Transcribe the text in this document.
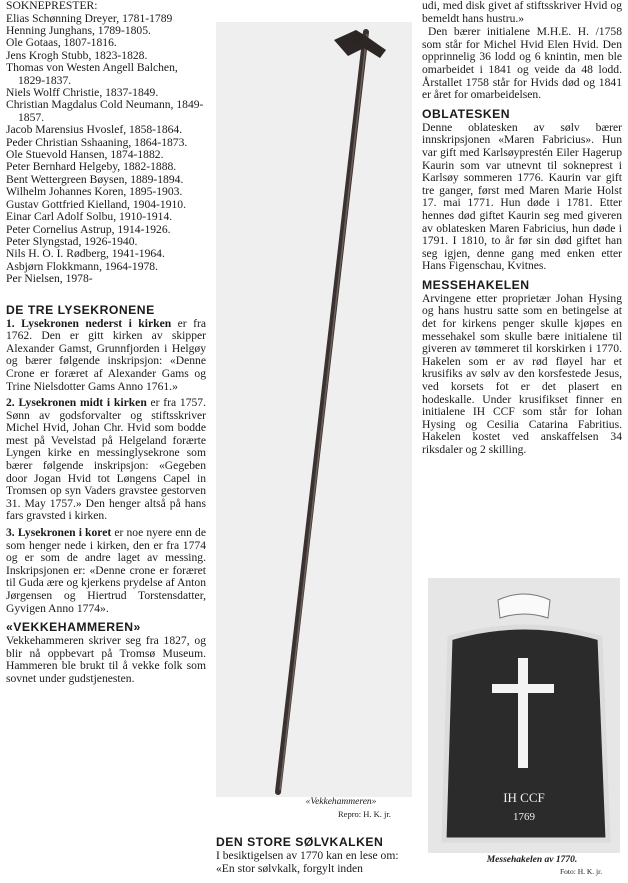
SOKNEPRESTER:

Elias Schønning Dreyer, 1781-1789

Henning Junghans, 1789-1805.

Ole Gotaas, 1807-1816.

Jens Krogh Stubb, 1823-1828.

Thomas von Westen Angell Balchen, 1829-1837.

Niels Wolff Christie, 1837-1849.

Christian Magdalus Cold Neumann, 1849-1857.

Jacob Marensius Hvoslef, 1858-1864.

Peder Christian Sshaaning, 1864-1873.

Ole Stuevold Hansen, 1874-1882.

Peter Bernhard Helgeby, 1882-1888.

Bent Wettergreen Bøysen, 1889-1894.

Wilhelm Johannes Koren, 1895-1903.

Gustav Gottfried Kielland, 1904-1910.

Einar Carl Adolf Solbu, 1910-1914.

Peter Cornelius Astrup, 1914-1926.

Peter Slyngstad, 1926-1940.

Nils H. O. I. Rødberg, 1941-1964.

Asbjørn Flokkmann, 1964-1978.

Per Nielsen, 1978-

DE TRE LYSEKRONENE

1. Lysekronen nederst i kirken er fra 1762. Den er gitt kirken av skipper Alexander Gamst, Grunnfjorden i Helgøy og bærer følgende inskripsjon: «Denne Crone er foræret af Alexander Gams og Trine Nielsdotter Gams Anno 1761.»

2. Lysekronen midt i kirken er fra 1757. Sønn av godsforvalter og stiftsskriver Michel Hvid, Johan Chr. Hvid som bodde mest på Vevelstad på Helgeland forærte Lyngen kirke en messinglysekrone som bærer følgende inskripsjon: «Gegeben door Jogan Hvid tot Løngens Capel in Tromsen op syn Vaders gravstee gestorven 31. May 1757.» Den henger altså på hans fars gravsted i kirken.

3. Lysekronen i koret er noe nyere enn de som henger nede i kirken, den er fra 1774 og er som de andre laget av messing. Inskripsjonen er: «Denne crone er foræret til Guda ære og kjerkens prydelse af Anton Jørgensen og Hiertrud Torstensdatter, Gyvigen Anno 1774».

«VEKKEHAMMEREN»

Vekkehammeren skriver seg fra 1827, og blir nå oppbevart på Tromsø Museum. Hammeren ble brukt til å vekke folk som sovnet under gudstjenesten.

«Vekkehammeren»
Repro: H. K. jr.
DEN STORE SØLVKALKEN

I besiktigelsen av 1770 kan en lese om: «En stor sølvkalk, forgylt inden

udi, med disk givet af stiftsskriver Hvid og bemeldt hans hustru.»

Den bærer initialene M.H.E. H. /1758 som står for Michel Hvid Elen Hvid. Den opprinnelig 36 lodd og 6 knintin, men ble omarbeidet i 1841 og veide da 48 lodd. Årstallet 1758 står for Hvids død og 1841 er året for omarbeidelsen.

OBLATESKEN

Denne oblatesken av sølv bærer innskripsjonen «Maren Fabricius». Hun var gift med Karlsøyprestén Eiler Hagerup Kaurin som var utnevnt til sokneprest i Karlsøy sommeren 1776. Kaurin var gift tre ganger, først med Maren Marie Holst 17. mai 1771. Hun døde i 1781. Etter hennes død giftet Kaurin seg med giveren av oblatesken Maren Fabricius, hun døde i 1791. I 1810, to år før sin død giftet han seg igjen, denne gang med enken etter Hans Figenschau, Kvitnes.

MESSEHAKELEN

Arvingene etter proprietær Johan Hysing og hans hustru satte som en betingelse at det for kirkens penger skulle kjøpes en messehakel som skulle bære initialene til giveren av tømmeret til korskirken i 1770. Hakelen som er av rød fløyel har et krusifiks av sølv av den korsfestede Jesus, ved korsets fot er det plasert en hodeskalle. Under krusifikset finner en initialene IH CCF som står for Iohan Hysing og Cesilia Catarina Fabritius. Hakelen kostet ved anskaffelsen 34 riksdaler og 2 skilling.

IH CCF
1769
Messehakelen av 1770.
Foto: H. K. jr.
